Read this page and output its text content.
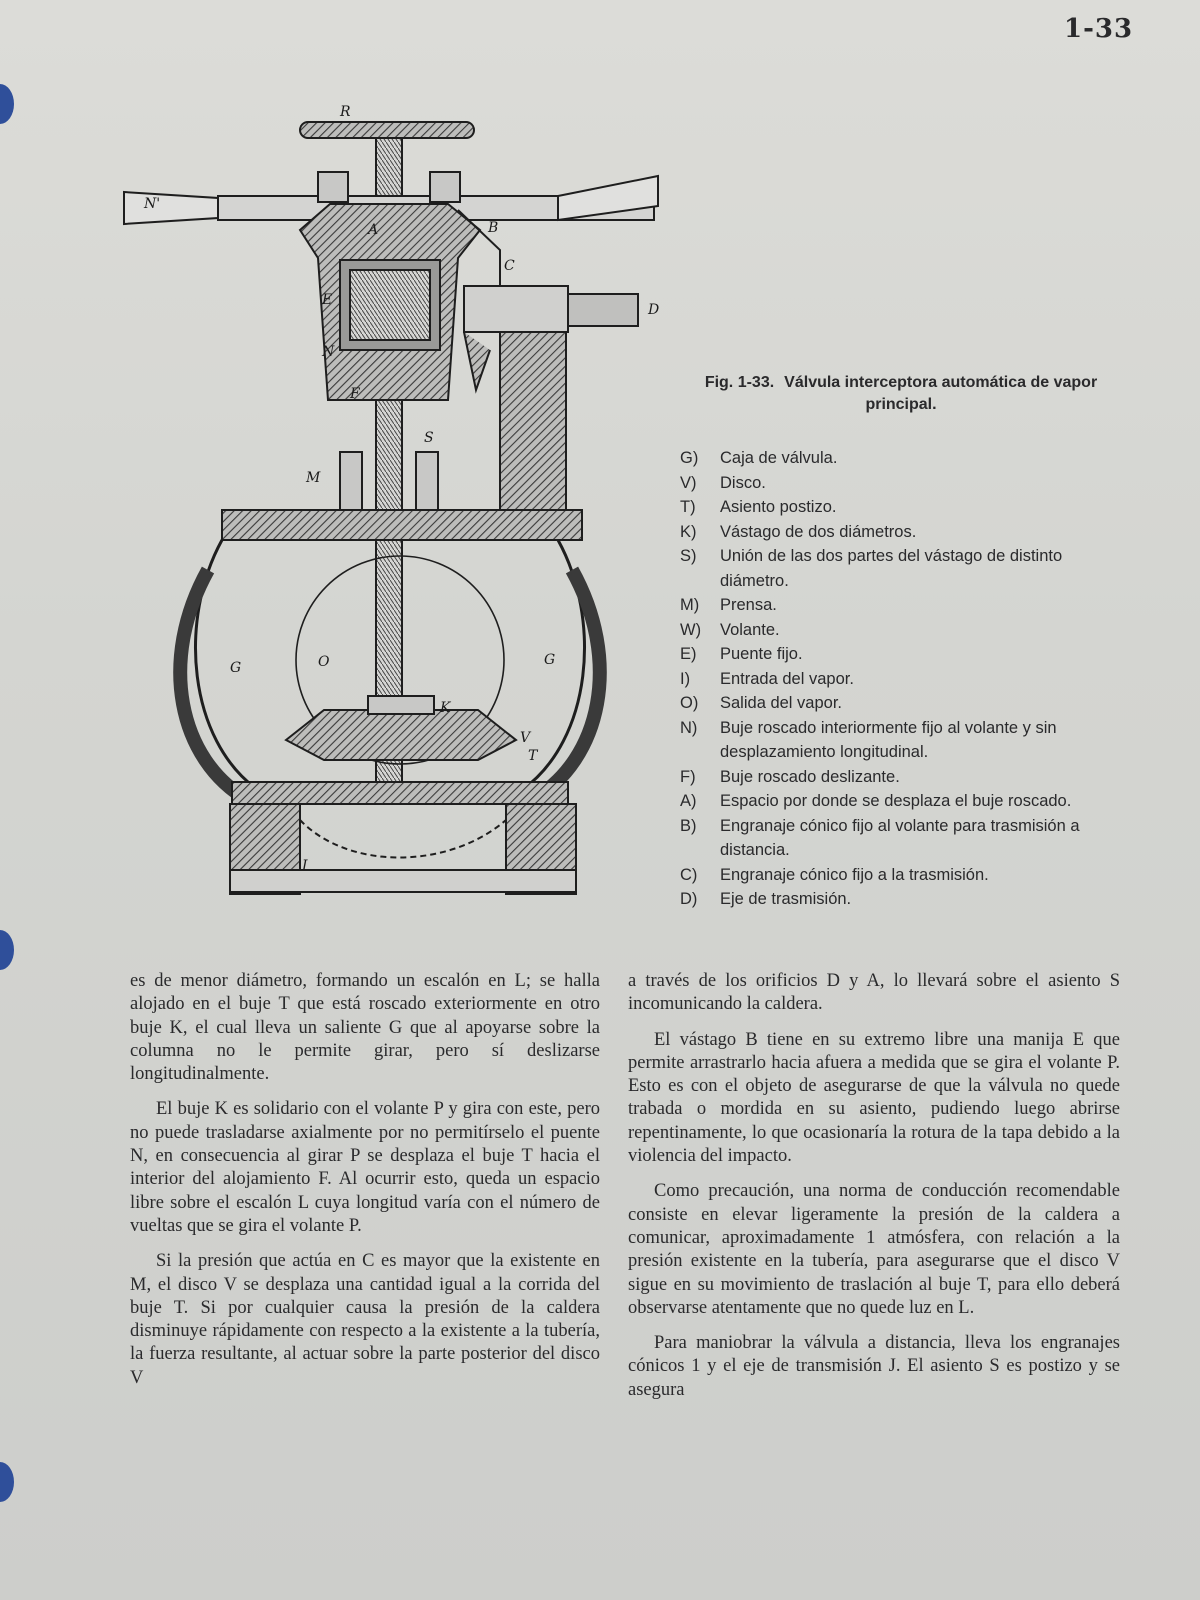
1-33
R
N'
A	B
C
E
D
N
F
S
M
G	O	G
K
V
T
I
Fig. 1-33. Válvula interceptora automática de vapor principal.
G)	Caja de válvula.
V)	Disco.
T)	Asiento postizo.
K)	Vástago de dos diámetros.
S)	Unión de las dos partes del vástago de distinto diámetro.
M)	Prensa.
W)	Volante.
E)	Puente fijo.
I)	Entrada del vapor.
O)	Salida del vapor.
N)	Buje roscado interiormente fijo al volante y sin desplazamiento longitudinal.
F)	Buje roscado deslizante.
A)	Espacio por donde se desplaza el buje roscado.
B)	Engranaje cónico fijo al volante para trasmisión a distancia.
C)	Engranaje cónico fijo a la trasmisión.
D)	Eje de trasmisión.

es de menor diámetro, formando un escalón en L; se halla alojado en el buje T que está roscado exteriormente en otro buje K, el cual lleva un saliente G que al apoyarse sobre la columna no le permite girar, pero sí deslizarse longitudinalmente.

El buje K es solidario con el volante P y gira con este, pero no puede trasladarse axialmente por no permitírselo el puente N, en consecuencia al girar P se desplaza el buje T hacia el interior del alojamiento F. Al ocurrir esto, queda un espacio libre sobre el escalón L cuya longitud varía con el número de vueltas que se gira el volante P.

Si la presión que actúa en C es mayor que la existente en M, el disco V se desplaza una cantidad igual a la corrida del buje T. Si por cualquier causa la presión de la caldera disminuye rápidamente con respecto a la existente a la tubería, la fuerza resultante, al actuar sobre la parte posterior del disco V

a través de los orificios D y A, lo llevará sobre el asiento S incomunicando la caldera.

El vástago B tiene en su extremo libre una manija E que permite arrastrarlo hacia afuera a medida que se gira el volante P. Esto es con el objeto de asegurarse de que la válvula no quede trabada o mordida en su asiento, pudiendo luego abrirse repentinamente, lo que ocasionaría la rotura de la tapa debido a la violencia del impacto.

Como precaución, una norma de conducción recomendable consiste en elevar ligeramente la presión de la caldera a comunicar, aproximadamente 1 atmósfera, con relación a la presión existente en la tubería, para asegurarse que el disco V sigue en su movimiento de traslación al buje T, para ello deberá observarse atentamente que no quede luz en L.

Para maniobrar la válvula a distancia, lleva los engranajes cónicos 1 y el eje de transmisión J. El asiento S es postizo y se asegura
